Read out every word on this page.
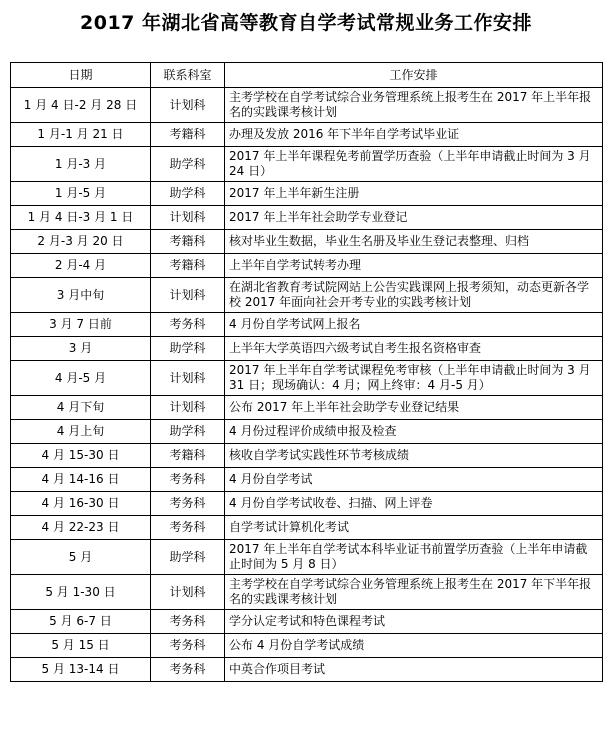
2017 年湖北省高等教育自学考试常规业务工作安排
日期	联系科室	工作安排
1 月 4 日-2 月 28 日	计划科	主考学校在自学考试综合业务管理系统上报考生在 2017 年上半年报名的实践课考核计划
1 月-1 月 21 日	考籍科	办理及发放 2016 年下半年自学考试毕业证
1 月-3 月	助学科	2017 年上半年课程免考前置学历查验（上半年申请截止时间为 3 月 24 日）
1 月-5 月	助学科	2017 年上半年新生注册
1 月 4 日-3 月 1 日	计划科	2017 年上半年社会助学专业登记
2 月-3 月 20 日	考籍科	核对毕业生数据，毕业生名册及毕业生登记表整理、归档
2 月-4 月	考籍科	上半年自学考试转考办理
3 月中旬	计划科	在湖北省教育考试院网站上公告实践课网上报考须知，动态更新各学校 2017 年面向社会开考专业的实践考核计划
3 月 7 日前	考务科	4 月份自学考试网上报名
3 月	助学科	上半年大学英语四六级考试自考生报名资格审查
4 月-5 月	计划科	2017 年上半年自学考试课程免考审核（上半年申请截止时间为 3 月 31 日；现场确认：4 月；网上终审：4 月-5 月）
4 月下旬	计划科	公布 2017 年上半年社会助学专业登记结果
4 月上旬	助学科	4 月份过程评价成绩申报及检查
4 月 15-30 日	考籍科	核收自学考试实践性环节考核成绩
4 月 14-16 日	考务科	4 月份自学考试
4 月 16-30 日	考务科	4 月份自学考试收卷、扫描、网上评卷
4 月 22-23 日	考务科	自学考试计算机化考试
5 月	助学科	2017 年上半年自学考试本科毕业证书前置学历查验（上半年申请截止时间为 5 月 8 日）
5 月 1-30 日	计划科	主考学校在自学考试综合业务管理系统上报考生在 2017 年下半年报名的实践课考核计划
5 月 6-7 日	考务科	学分认定考试和特色课程考试
5 月 15 日	考务科	公布 4 月份自学考试成绩
5 月 13-14 日	考务科	中英合作项目考试
